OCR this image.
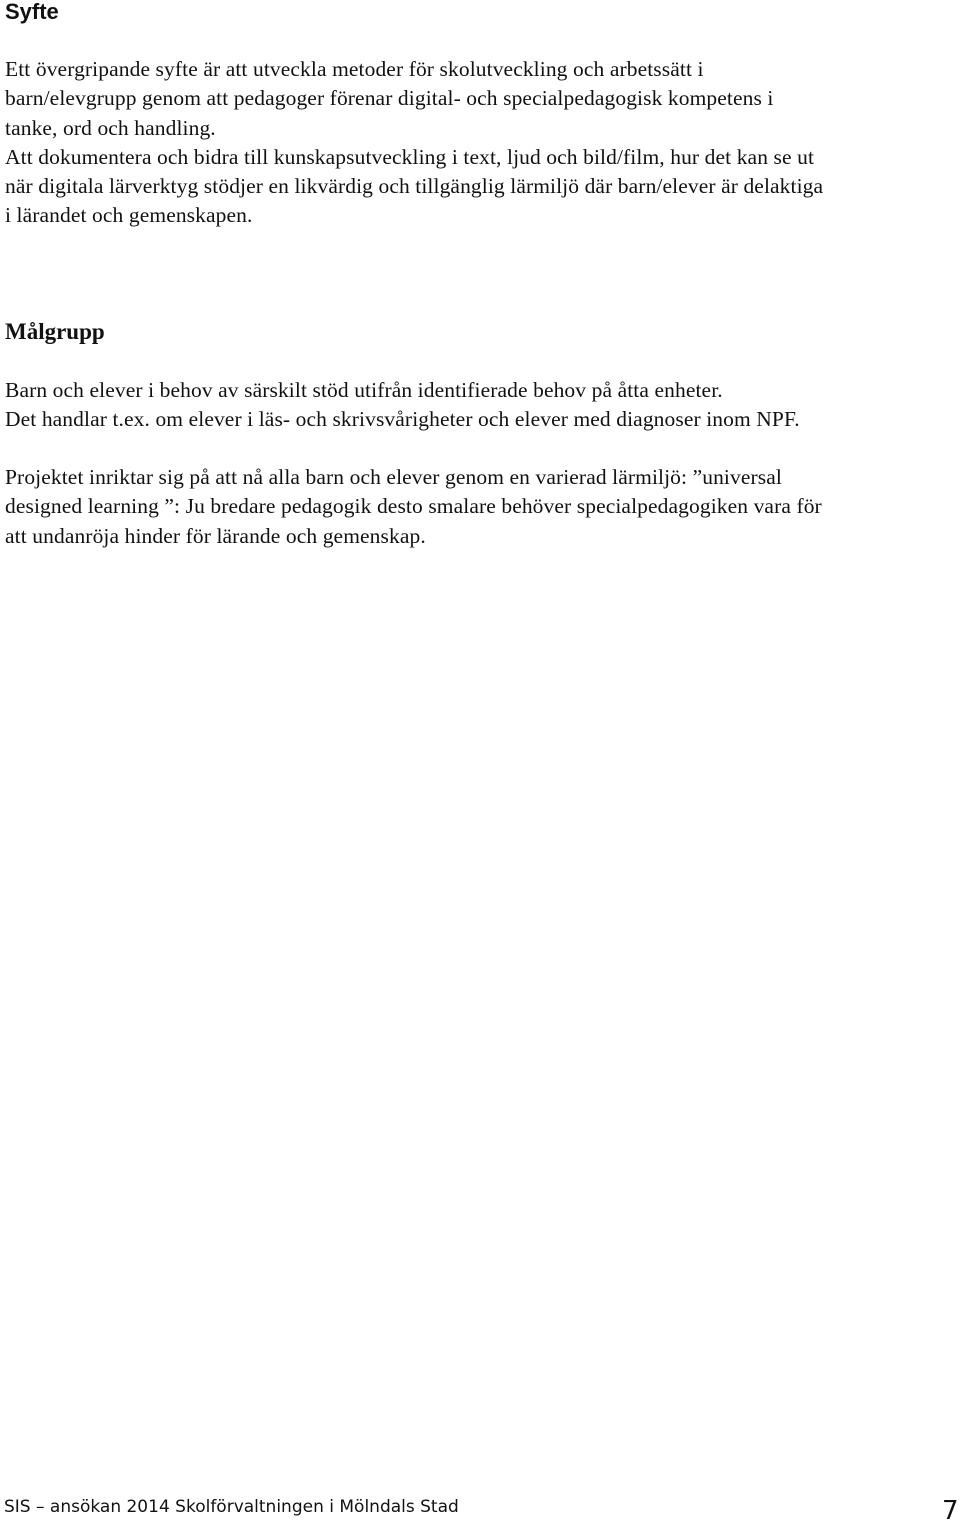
Syfte
Ett övergripande syfte är att utveckla metoder för skolutveckling och arbetssätt i
barn/elevgrupp genom att pedagoger förenar digital- och specialpedagogisk kompetens i
tanke, ord och handling.
Att dokumentera och bidra till kunskapsutveckling i text, ljud och bild/film, hur det kan se ut
när digitala lärverktyg stödjer en likvärdig och tillgänglig lärmiljö där barn/elever är delaktiga
i lärandet och gemenskapen.
Målgrupp
Barn och elever i behov av särskilt stöd utifrån identifierade behov på åtta enheter.
Det handlar t.ex. om elever i läs- och skrivsvårigheter och elever med diagnoser inom NPF.
Projektet inriktar sig på att nå alla barn och elever genom en varierad lärmiljö: ”universal
designed learning ”: Ju bredare pedagogik desto smalare behöver specialpedagogiken vara för
att undanröja hinder för lärande och gemenskap.
SIS – ansökan 2014 Skolförvaltningen i Mölndals Stad	7
